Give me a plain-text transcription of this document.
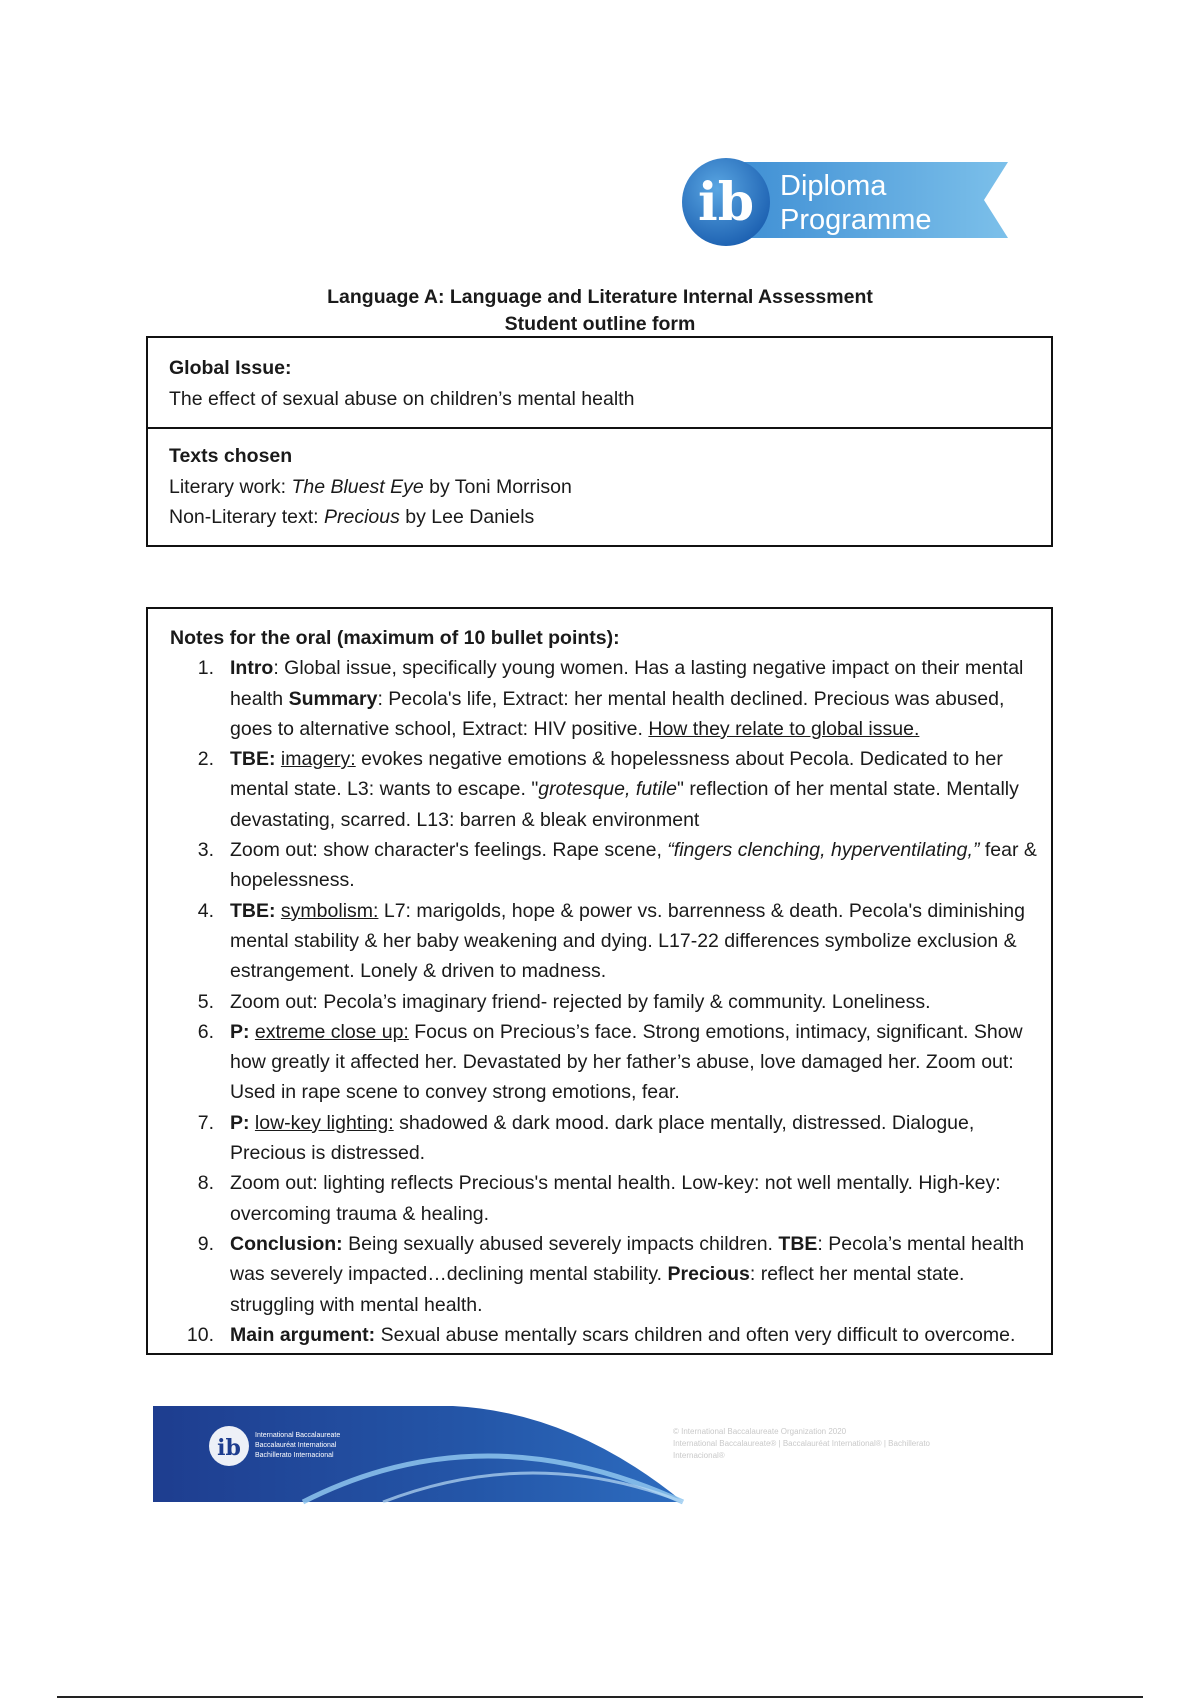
ib Diploma
Programme
Language A: Language and Literature Internal Assessment
Student outline form
Global Issue:
The effect of sexual abuse on children’s mental health
Texts chosen
Literary work: The Bluest Eye by Toni Morrison
Non-Literary text: Precious by Lee Daniels
Notes for the oral (maximum of 10 bullet points):
1. Intro: Global issue, specifically young women. Has a lasting negative impact on their mental health Summary: Pecola's life, Extract: her mental health declined. Precious was abused, goes to alternative school, Extract: HIV positive. How they relate to global issue.
2. TBE: imagery: evokes negative emotions & hopelessness about Pecola. Dedicated to her mental state. L3: wants to escape. "grotesque, futile" reflection of her mental state. Mentally devastating, scarred. L13: barren & bleak environment
3. Zoom out: show character's feelings. Rape scene, “fingers clenching, hyperventilating,” fear & hopelessness.
4. TBE: symbolism: L7: marigolds, hope & power vs. barrenness & death. Pecola's diminishing mental stability & her baby weakening and dying. L17-22 differences symbolize exclusion & estrangement. Lonely & driven to madness.
5. Zoom out: Pecola’s imaginary friend- rejected by family & community. Loneliness.
6. P: extreme close up: Focus on Precious’s face. Strong emotions, intimacy, significant. Show how greatly it affected her. Devastated by her father’s abuse, love damaged her. Zoom out: Used in rape scene to convey strong emotions, fear.
7. P: low-key lighting: shadowed & dark mood. dark place mentally, distressed. Dialogue, Precious is distressed.
8. Zoom out: lighting reflects Precious's mental health. Low-key: not well mentally. High-key: overcoming trauma & healing.
9. Conclusion: Being sexually abused severely impacts children. TBE: Pecola’s mental health was severely impacted…declining mental stability. Precious: reflect her mental state. struggling with mental health.
10. Main argument: Sexual abuse mentally scars children and often very difficult to overcome.
ib International Baccalaureate
Baccalauréat International
Bachillerato Internacional
© International Baccalaureate Organization 2020
International Baccalaureate® | Baccalauréat International® | Bachillerato
Internacional®
